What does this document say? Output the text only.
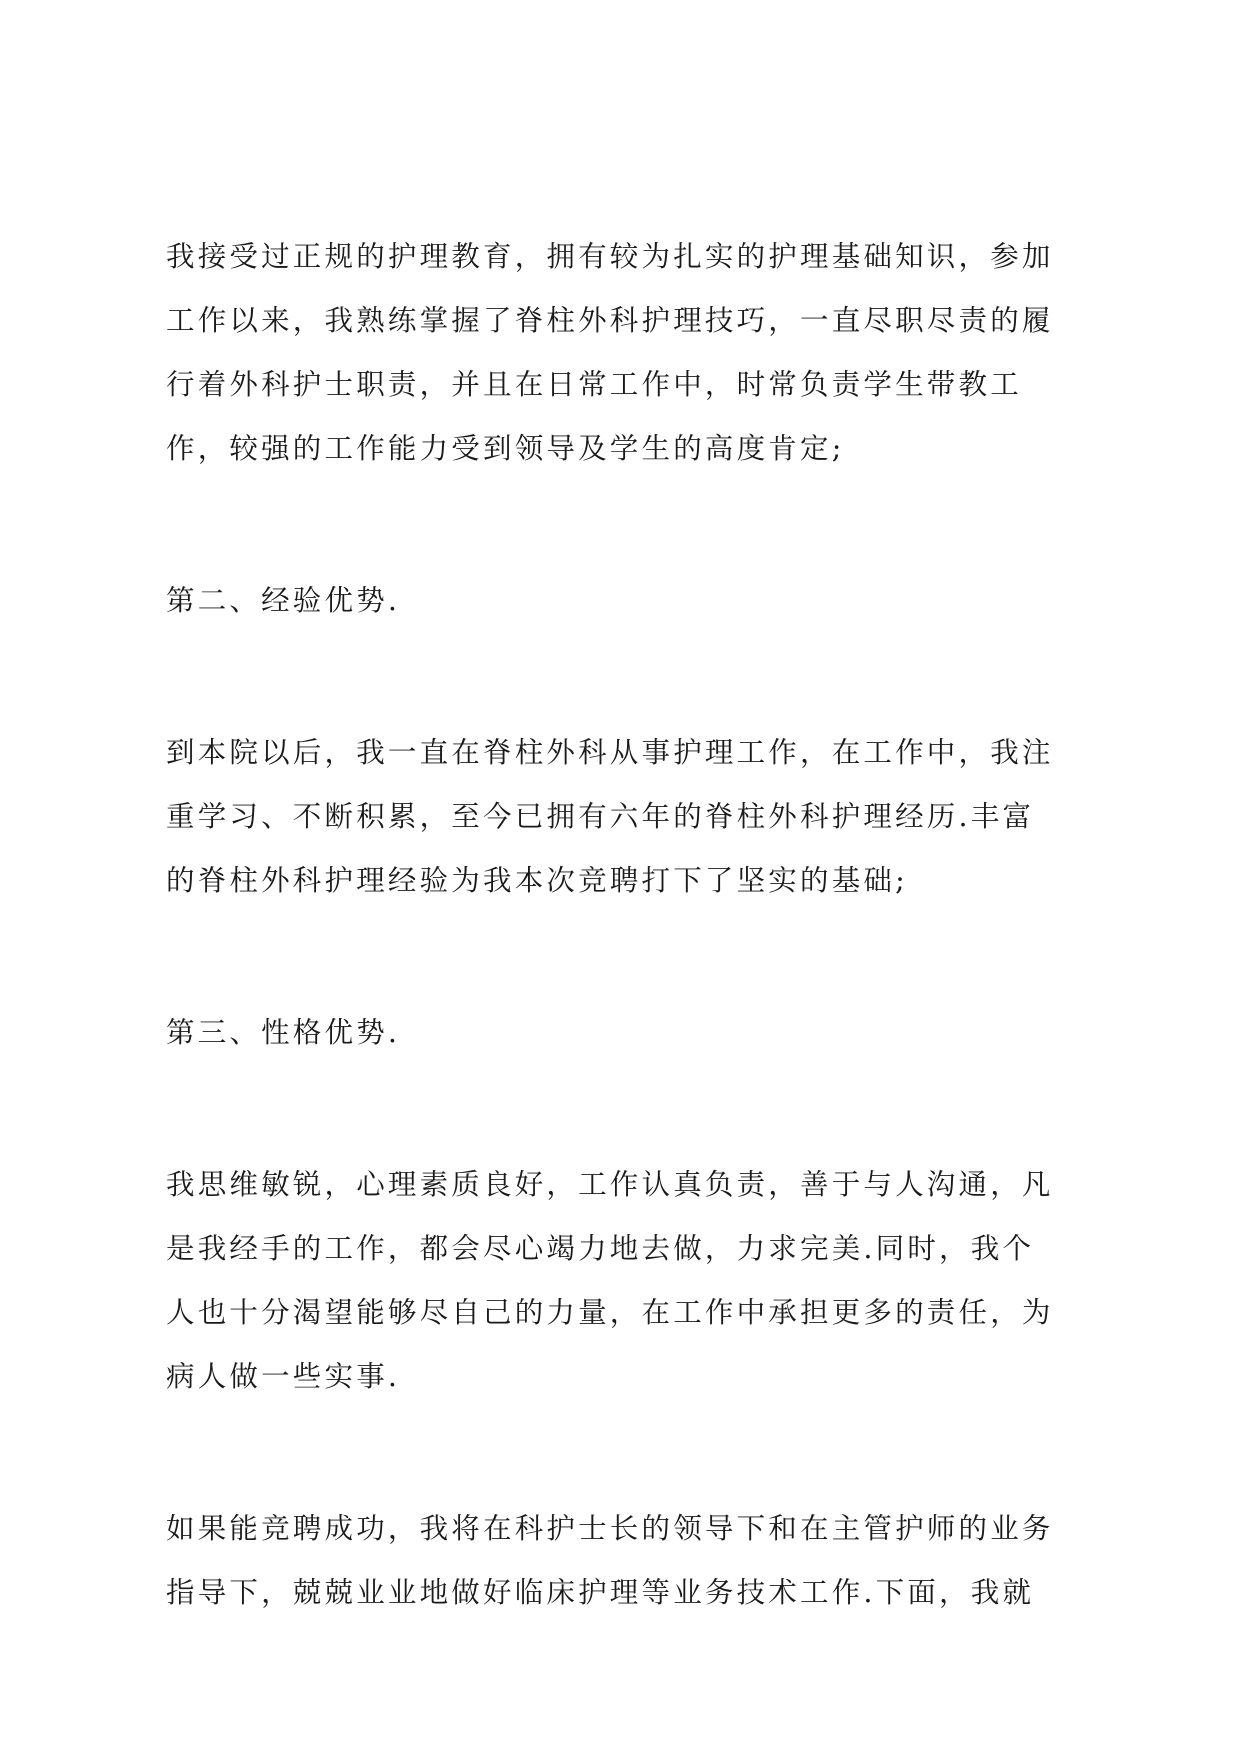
我接受过正规的护理教育，拥有较为扎实的护理基础知识，参加
工作以来，我熟练掌握了脊柱外科护理技巧，一直尽职尽责的履
行着外科护士职责，并且在日常工作中，时常负责学生带教工
作，较强的工作能力受到领导及学生的高度肯定;
第二、经验优势.
到本院以后，我一直在脊柱外科从事护理工作，在工作中，我注
重学习、不断积累，至今已拥有六年的脊柱外科护理经历.丰富
的脊柱外科护理经验为我本次竞聘打下了坚实的基础;
第三、性格优势.
我思维敏锐，心理素质良好，工作认真负责，善于与人沟通，凡
是我经手的工作，都会尽心竭力地去做，力求完美.同时，我个
人也十分渴望能够尽自己的力量，在工作中承担更多的责任，为
病人做一些实事.
如果能竞聘成功，我将在科护士长的领导下和在主管护师的业务
指导下，兢兢业业地做好临床护理等业务技术工作.下面，我就
